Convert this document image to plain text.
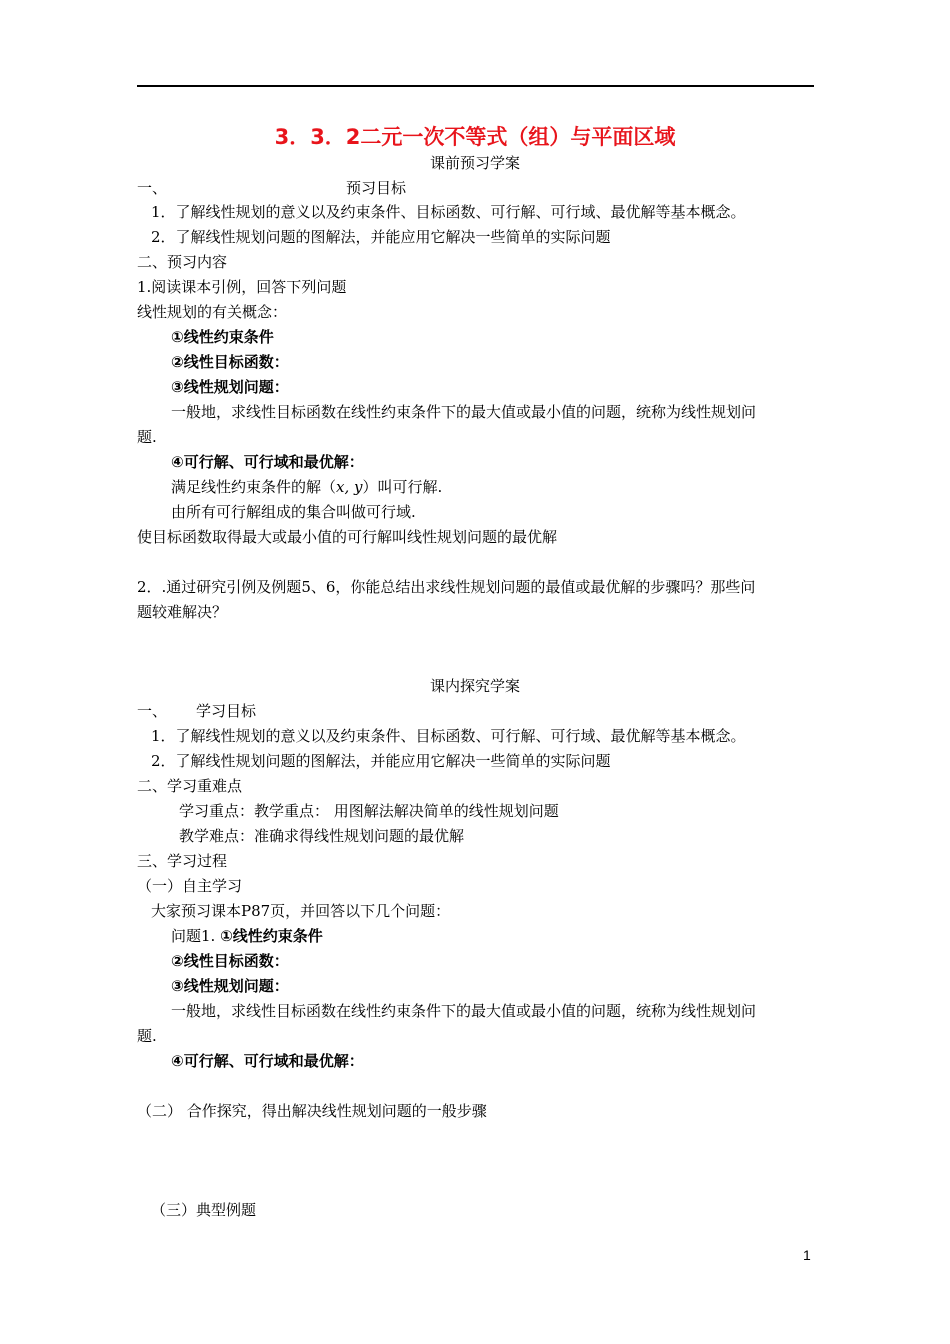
3．3．2二元一次不等式（组）与平面区域
课前预习学案
一、	预习目标
1．了解线性规划的意义以及约束条件、目标函数、可行解、可行域、最优解等基本概念。
2．了解线性规划问题的图解法，并能应用它解决一些简单的实际问题
二、预习内容
1.阅读课本引例，回答下列问题
线性规划的有关概念：
①线性约束条件
②线性目标函数：
③线性规划问题：
一般地，求线性目标函数在线性约束条件下的最大值或最小值的问题，统称为线性规划问
题.
④可行解、可行域和最优解：
满足线性约束条件的解（x, y）叫可行解.
由所有可行解组成的集合叫做可行域.
使目标函数取得最大或最小值的可行解叫线性规划问题的最优解
2．.通过研究引例及例题5、6，你能总结出求线性规划问题的最值或最优解的步骤吗？那些问
题较难解决？
课内探究学案
一、 学习目标
1．了解线性规划的意义以及约束条件、目标函数、可行解、可行域、最优解等基本概念。
2．了解线性规划问题的图解法，并能应用它解决一些简单的实际问题
二、学习重难点
学习重点：教学重点： 用图解法解决简单的线性规划问题
教学难点：准确求得线性规划问题的最优解
三、学习过程
（一）自主学习
大家预习课本P87页，并回答以下几个问题：
问题1. ①线性约束条件
②线性目标函数：
③线性规划问题：
一般地，求线性目标函数在线性约束条件下的最大值或最小值的问题，统称为线性规划问
题.
④可行解、可行域和最优解：
（二） 合作探究，得出解决线性规划问题的一般步骤
（三）典型例题
1
